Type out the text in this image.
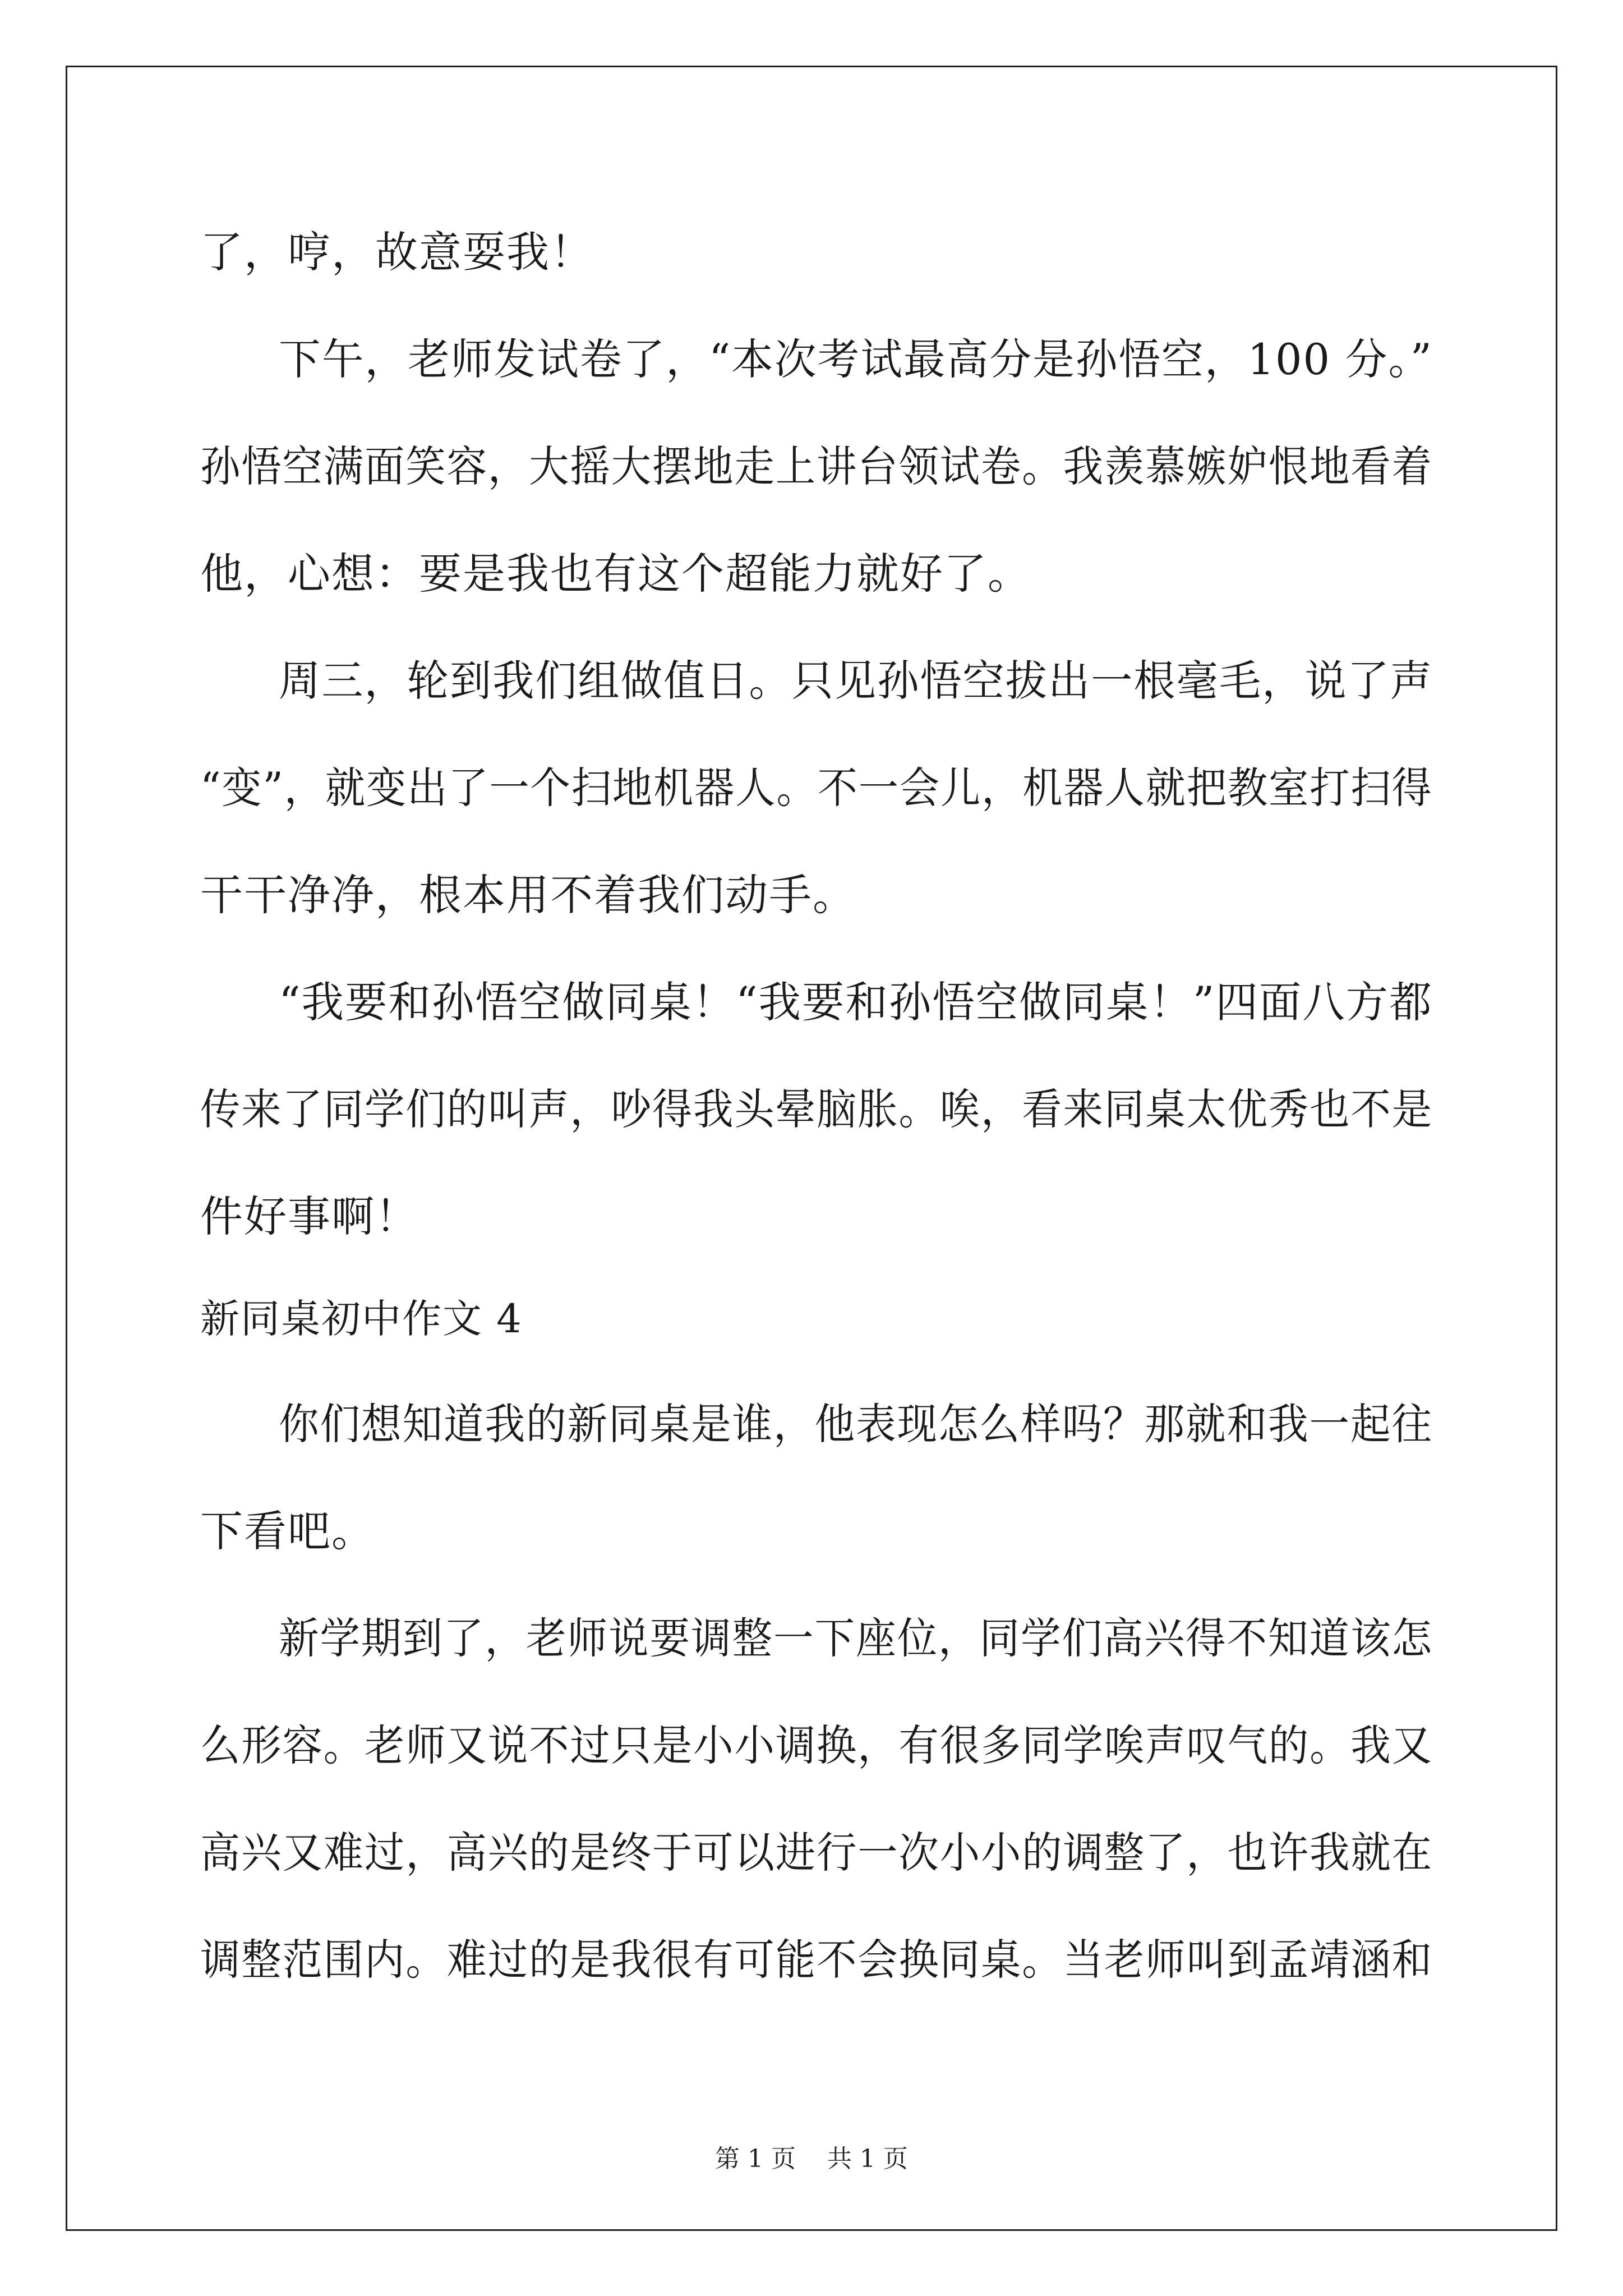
了，哼，故意耍我！
下午，老师发试卷了，“本次考试最高分是孙悟空，100 分。”
孙悟空满面笑容，大摇大摆地走上讲台领试卷。我羡慕嫉妒恨地看着
他，心想：要是我也有这个超能力就好了。
周三，轮到我们组做值日。只见孙悟空拔出一根毫毛，说了声
“变”，就变出了一个扫地机器人。不一会儿，机器人就把教室打扫得
干干净净，根本用不着我们动手。
“我要和孙悟空做同桌！“我要和孙悟空做同桌！”四面八方都
传来了同学们的叫声，吵得我头晕脑胀。唉，看来同桌太优秀也不是
件好事啊！
新同桌初中作文 4
你们想知道我的新同桌是谁，他表现怎么样吗？那就和我一起往
下看吧。
新学期到了，老师说要调整一下座位，同学们高兴得不知道该怎
么形容。老师又说不过只是小小调换，有很多同学唉声叹气的。我又
高兴又难过，高兴的是终于可以进行一次小小的调整了，也许我就在
调整范围内。难过的是我很有可能不会换同桌。当老师叫到孟靖涵和
第 1 页 共 1 页
